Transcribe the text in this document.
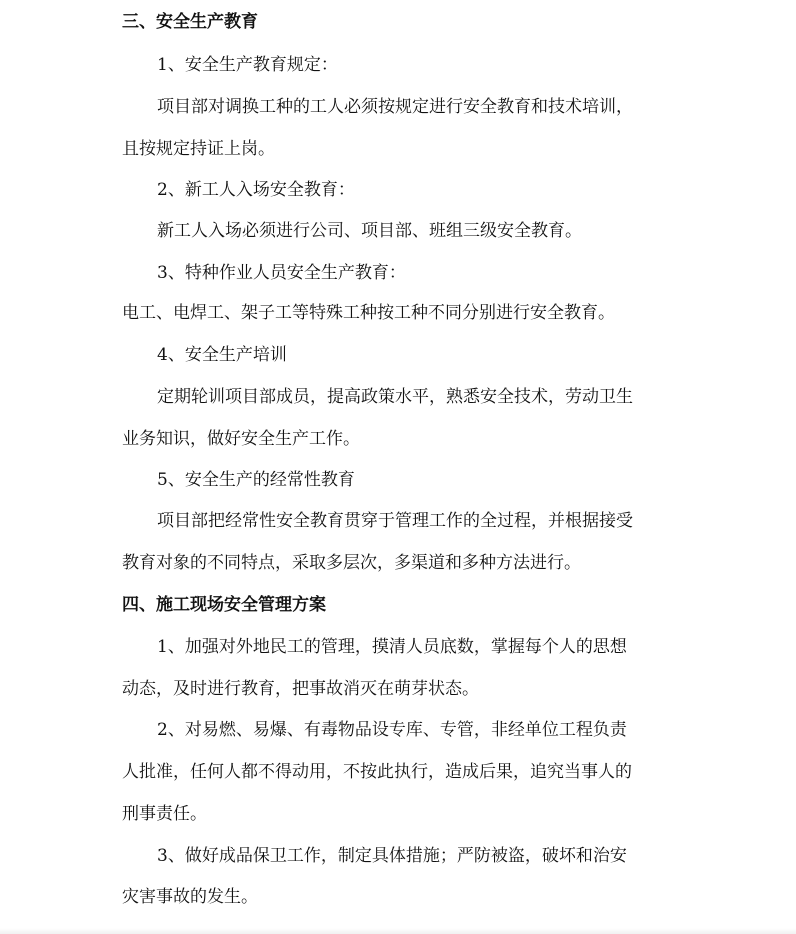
三、安全生产教育
1、安全生产教育规定：
项目部对调换工种的工人必须按规定进行安全教育和技术培训，
且按规定持证上岗。
2、新工人入场安全教育：
新工人入场必须进行公司、项目部、班组三级安全教育。
3、特种作业人员安全生产教育：
电工、电焊工、架子工等特殊工种按工种不同分别进行安全教育。
4、安全生产培训
定期轮训项目部成员，提高政策水平，熟悉安全技术，劳动卫生
业务知识，做好安全生产工作。
5、安全生产的经常性教育
项目部把经常性安全教育贯穿于管理工作的全过程，并根据接受
教育对象的不同特点，采取多层次，多渠道和多种方法进行。
四、施工现场安全管理方案
1、加强对外地民工的管理，摸清人员底数，掌握每个人的思想
动态，及时进行教育，把事故消灭在萌芽状态。
2、对易燃、易爆、有毒物品设专库、专管，非经单位工程负责
人批准，任何人都不得动用，不按此执行，造成后果，追究当事人的
刑事责任。
3、做好成品保卫工作，制定具体措施；严防被盗，破坏和治安
灾害事故的发生。
